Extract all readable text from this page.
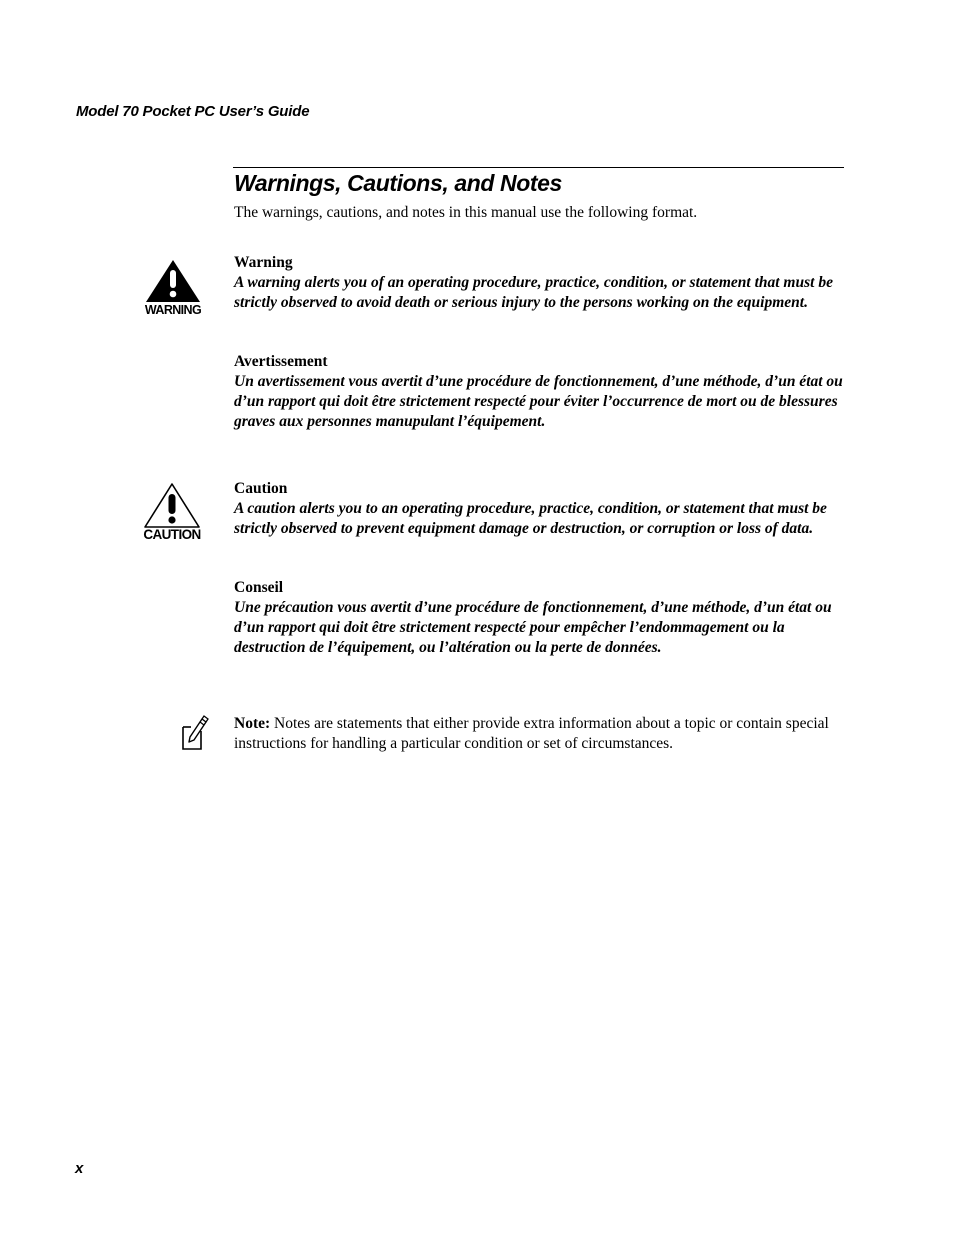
Model 70 Pocket PC User’s Guide
Warnings, Cautions, and Notes
The warnings, cautions, and notes in this manual use the following format.
WARNING
Warning
A warning alerts you of an operating procedure, practice, condition, or statement that must be strictly observed to avoid death or serious injury to the persons working on the equipment.
Avertissement
Un avertissement vous avertit d’une procédure de fonctionnement, d’une méthode, d’un état ou d’un rapport qui doit être strictement respecté pour éviter l’occurrence de mort ou de blessures graves aux personnes manupulant l’équipement.
CAUTION
Caution
A caution alerts you to an operating procedure, practice, condition, or statement that must be strictly observed to prevent equipment damage or destruction, or corruption or loss of data.
Conseil
Une précaution vous avertit d’une procédure de fonctionnement, d’une méthode, d’un état ou d’un rapport qui doit être strictement respecté pour empêcher l’endommagement ou la destruction de l’équipement, ou l’altération ou la perte de données.
Note: Notes are statements that either provide extra information about a topic or contain special instructions for handling a particular condition or set of circumstances.
x
